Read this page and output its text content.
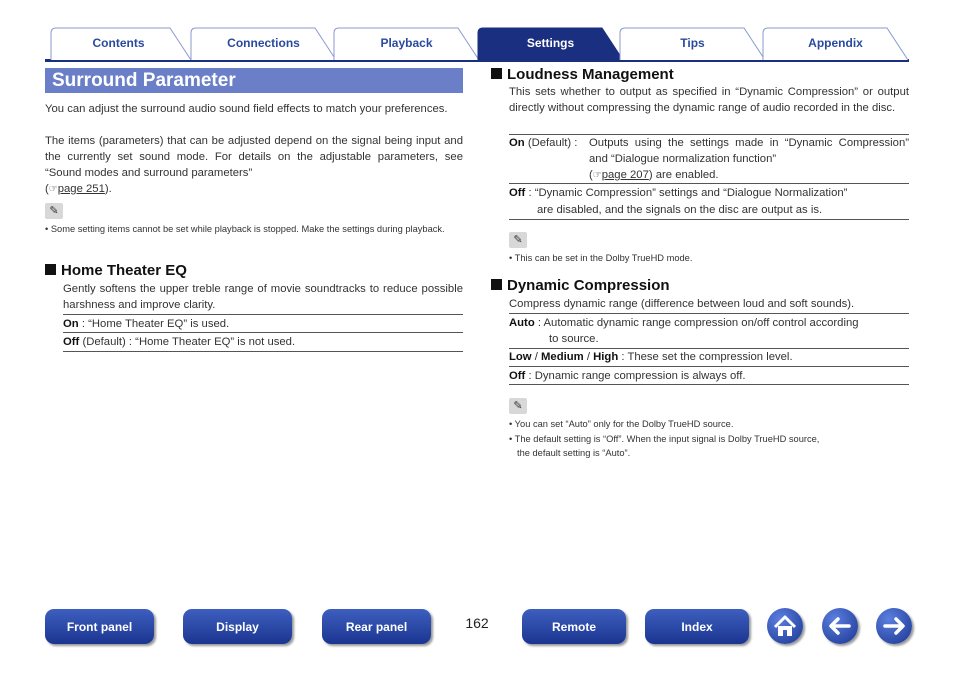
Contents	Connections	Playback	Settings	Tips	Appendix
Surround Parameter
You can adjust the surround audio sound field effects to match your preferences.
The items (parameters) that can be adjusted depend on the signal being input and the currently set sound mode. For details on the adjustable parameters, see “Sound modes and surround parameters”
(☞page 251).
✎
• Some setting items cannot be set while playback is stopped. Make the settings during playback.
Home Theater EQ
Gently softens the upper treble range of movie soundtracks to reduce possible harshness and improve clarity.
On : “Home Theater EQ” is used.
Off (Default) : “Home Theater EQ” is not used.
Loudness Management
This sets whether to output as specified in “Dynamic Compression” or output directly without compressing the dynamic range of audio recorded in the disc.
On (Default) :	Outputs using the settings made in “Dynamic Compression” and “Dialogue normalization function”
(☞page 207) are enabled.
Off : “Dynamic Compression” settings and “Dialogue Normalization”
are disabled, and the signals on the disc are output as is.
✎
• This can be set in the Dolby TrueHD mode.
Dynamic Compression
Compress dynamic range (difference between loud and soft sounds).
Auto : Automatic dynamic range compression on/off control according
to source.
Low / Medium / High : These set the compression level.
Off : Dynamic range compression is always off.
✎
• You can set “Auto” only for the Dolby TrueHD source.
• The default setting is “Off”. When the input signal is Dolby TrueHD source,
the default setting is “Auto”.
Front panel	Display	Rear panel	162	Remote	Index
